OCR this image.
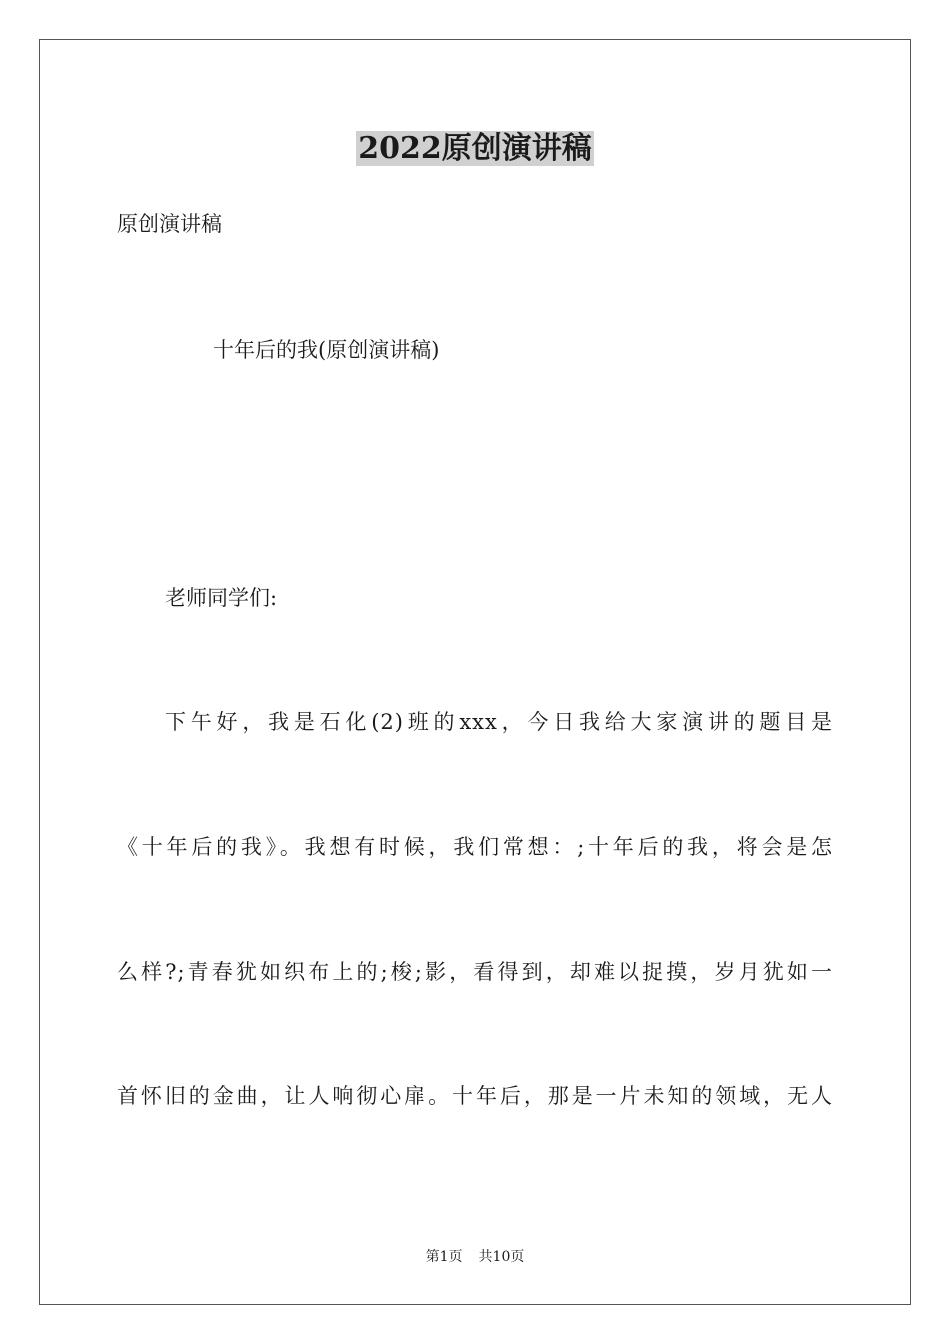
2022原创演讲稿
原创演讲稿
十年后的我(原创演讲稿)
老师同学们:
下午好，我是石化(2)班的xxx，今日我给大家演讲的题目是
《十年后的我》。我想有时候，我们常想：;十年后的我，将会是怎
么样?;青春犹如织布上的;梭;影，看得到，却难以捉摸，岁月犹如一
首怀旧的金曲，让人响彻心扉。十年后，那是一片未知的领域，无人
第1页 共10页
